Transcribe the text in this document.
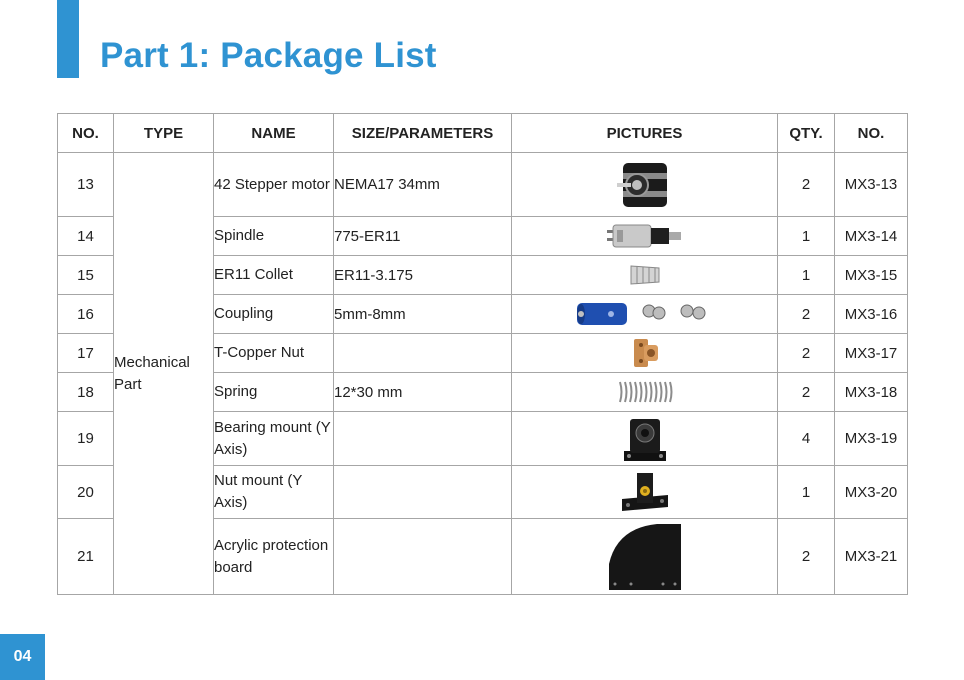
Part 1: Package List
NO.	TYPE	NAME	SIZE/PARAMETERS	PICTURES	QTY.	NO.
13	Mechanical Part	42 Stepper motor	NEMA17 34mm		2	MX3-13
14		Spindle	775-ER11		1	MX3-14
15		ER11 Collet	ER11-3.175		1	MX3-15
16		Coupling	5mm-8mm		2	MX3-16
17		T-Copper Nut			2	MX3-17
18		Spring	12*30 mm		2	MX3-18
19		Bearing mount (Y Axis)			4	MX3-19
20		Nut mount (Y Axis)			1	MX3-20
21		Acrylic protection board			2	MX3-21
04
